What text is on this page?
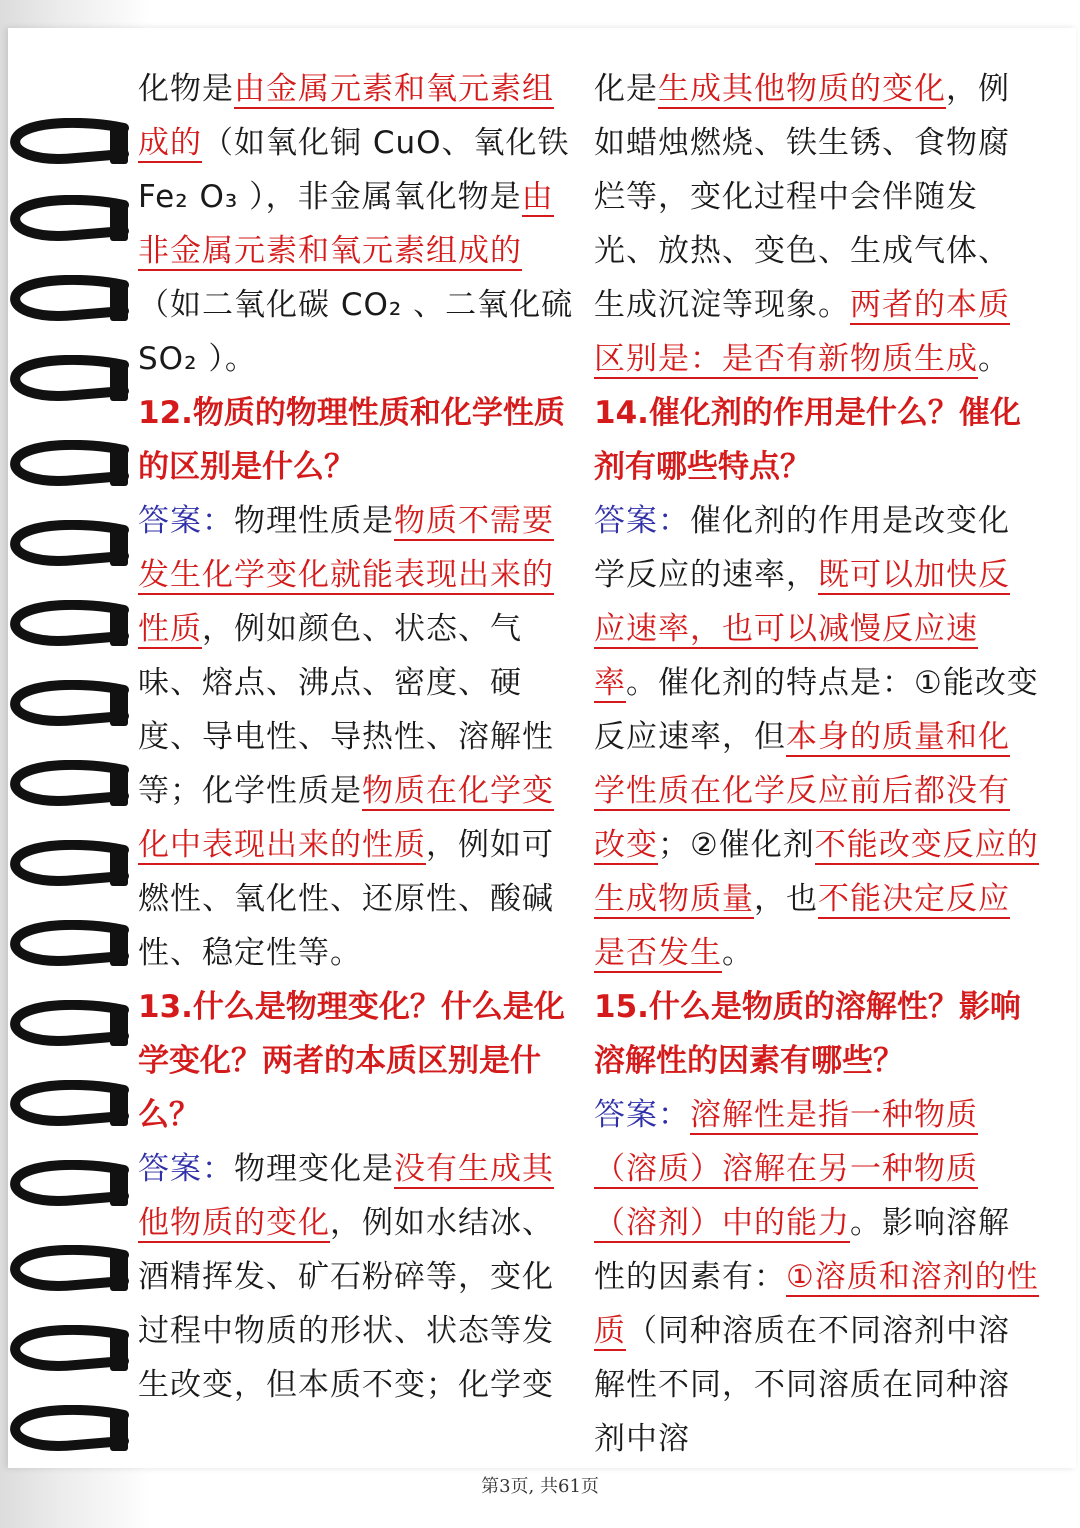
化物是由金属元素和氧元素组成的（如氧化铜 CuO、氧化铁 Fe₂ O₃ ），非金属氧化物是由非金属元素和氧元素组成的（如二氧化碳 CO₂ 、二氧化硫 SO₂ ）。

12.物质的物理性质和化学性质的区别是什么？

答案：物理性质是物质不需要发生化学变化就能表现出来的性质，例如颜色、状态、气味、熔点、沸点、密度、硬度、导电性、导热性、溶解性等；化学性质是物质在化学变化中表现出来的性质，例如可燃性、氧化性、还原性、酸碱性、稳定性等。

13.什么是物理变化？什么是化学变化？两者的本质区别是什么？

答案：物理变化是没有生成其他物质的变化，例如水结冰、酒精挥发、矿石粉碎等，变化过程中物质的形状、状态等发生改变，但本质不变；化学变

化是生成其他物质的变化，例如蜡烛燃烧、铁生锈、食物腐烂等，变化过程中会伴随发光、放热、变色、生成气体、生成沉淀等现象。两者的本质区别是：是否有新物质生成。

14.催化剂的作用是什么？催化剂有哪些特点？

答案：催化剂的作用是改变化学反应的速率，既可以加快反应速率，也可以减慢反应速率。催化剂的特点是：①能改变反应速率，但本身的质量和化学性质在化学反应前后都没有改变；②催化剂不能改变反应的生成物质量，也不能决定反应是否发生。

15.什么是物质的溶解性？影响溶解性的因素有哪些？

答案：溶解性是指一种物质（溶质）溶解在另一种物质（溶剂）中的能力。影响溶解性的因素有：①溶质和溶剂的性质（同种溶质在不同溶剂中溶解性不同，不同溶质在同种溶剂中溶

第3页, 共61页
